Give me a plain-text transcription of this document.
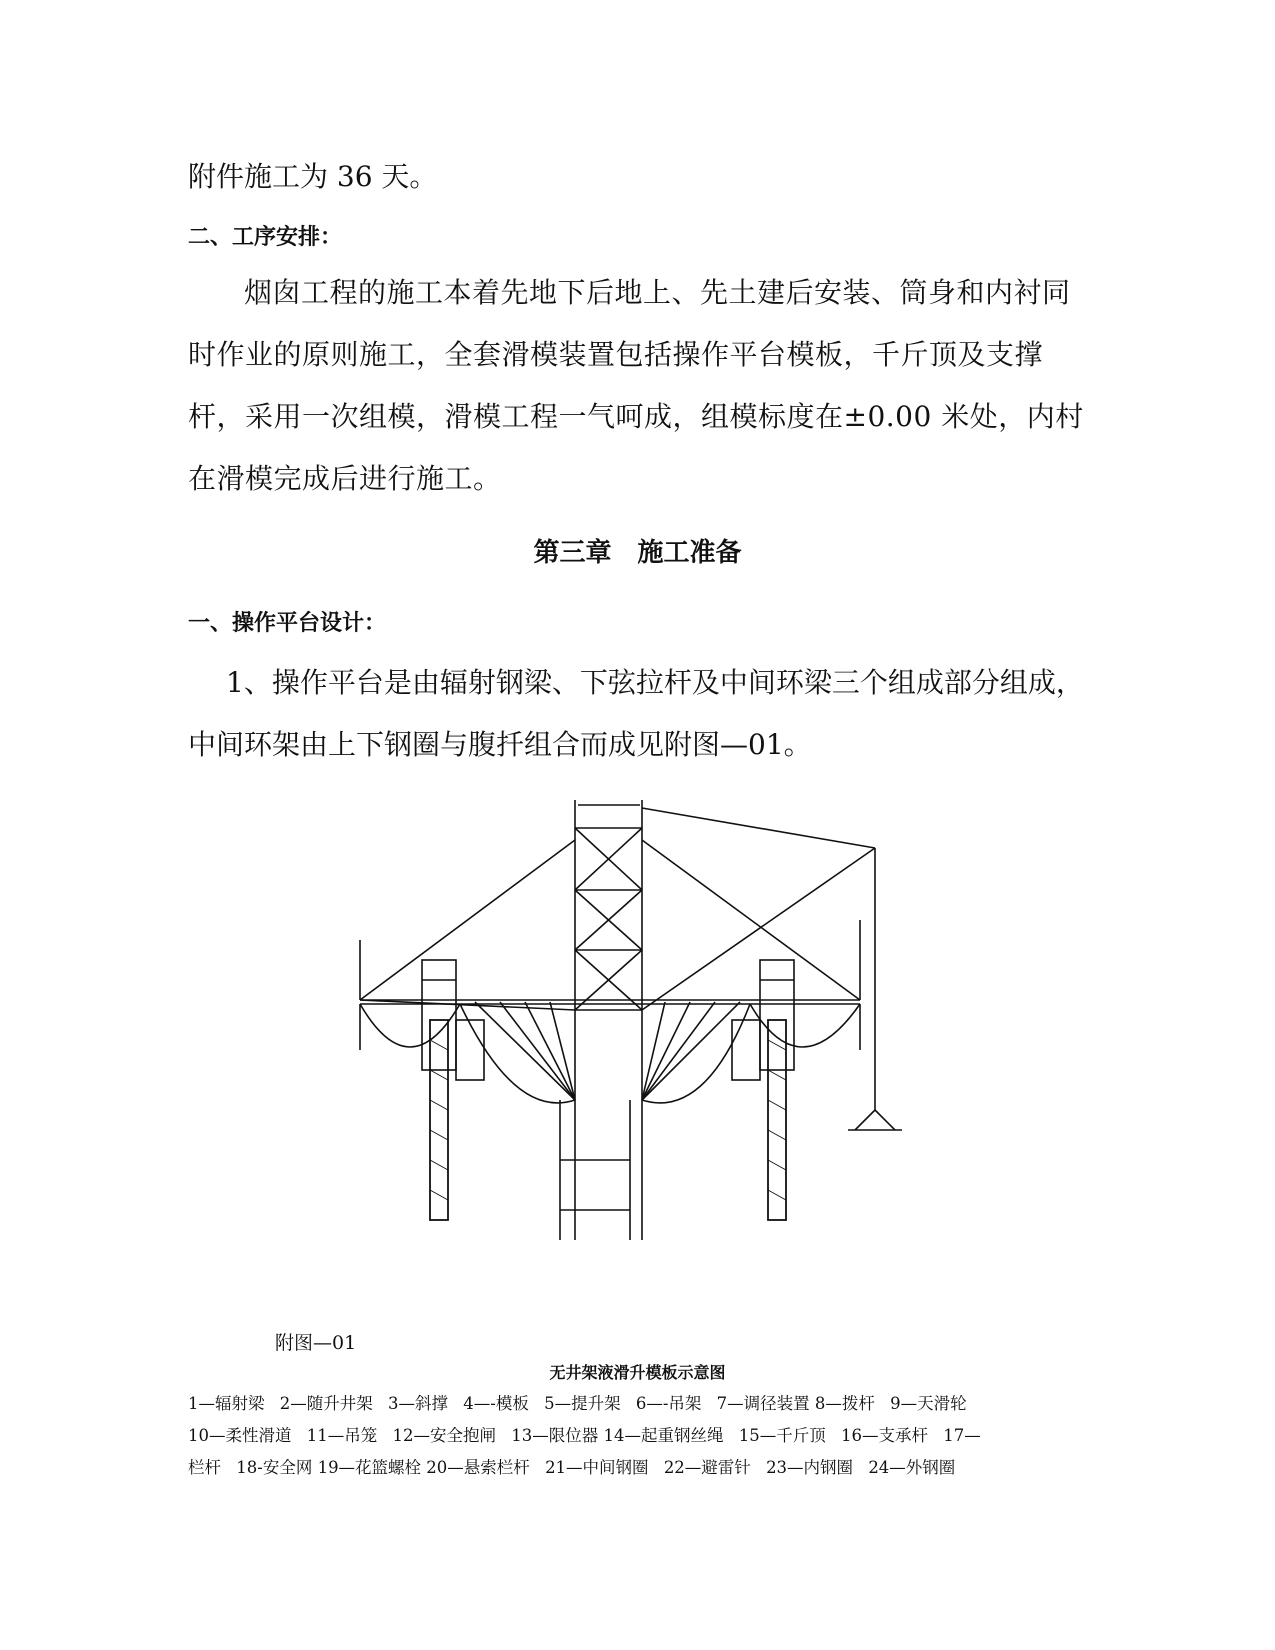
附件施工为 36 天。

二、工序安排：

烟囱工程的施工本着先地下后地上、先土建后安装、筒身和内衬同时作业的原则施工，全套滑模装置包括操作平台模板，千斤顶及支撑杆，采用一次组模，滑模工程一气呵成，组模标度在±0.00 米处，内村在滑模完成后进行施工。

第三章　施工准备

一、操作平台设计：

1、操作平台是由辐射钢梁、下弦拉杆及中间环梁三个组成部分组成，中间环架由上下钢圈与腹扦组合而成见附图—01。

附图—01
无井架液滑升模板示意图
1—辐射梁 2—随升井架 3—斜撑 4—-模板 5—提升架 6—-吊架 7—调径装置 8—拨杆 9—天滑轮
10—柔性滑道 11—吊笼 12—安全抱闸 13—限位器 14—起重钢丝绳 15—千斤顶 16—支承杆 17—
栏杆 18-安全网 19—花篮螺栓 20—悬索栏杆 21—中间钢圈 22—避雷针 23—内钢圈 24—外钢圈
